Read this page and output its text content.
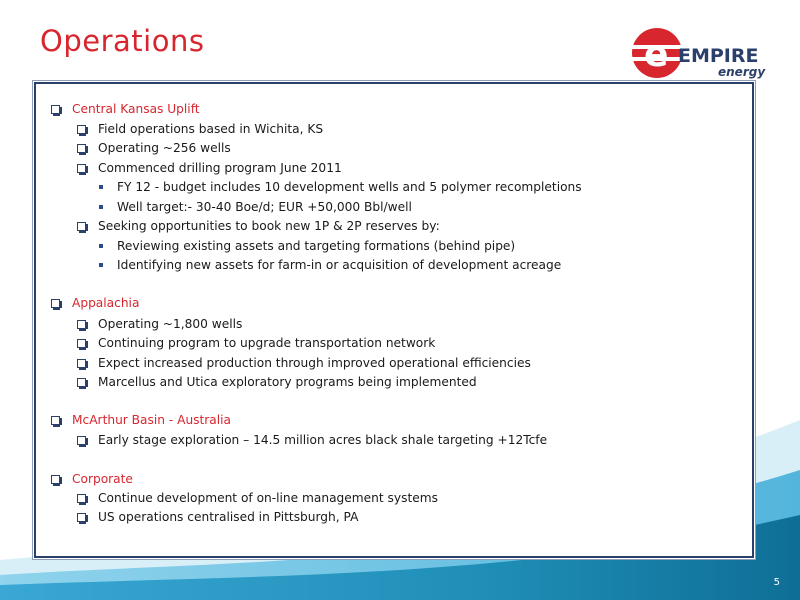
Operations	e EMPIRE
energy
Central Kansas Uplift
Field operations based in Wichita, KS
Operating ~256 wells
Commenced drilling program June 2011
FY 12 - budget includes 10 development wells and 5 polymer recompletions
Well target:- 30-40 Boe/d; EUR +50,000 Bbl/well
Seeking opportunities to book new 1P & 2P reserves by:
Reviewing existing assets and targeting formations (behind pipe)
Identifying new assets for farm-in or acquisition of development acreage
Appalachia
Operating ~1,800 wells
Continuing program to upgrade transportation network
Expect increased production through improved operational efficiencies
Marcellus and Utica exploratory programs being implemented
McArthur Basin - Australia
Early stage exploration – 14.5 million acres black shale targeting +12Tcfe
Corporate
Continue development of on-line management systems
US operations centralised in Pittsburgh, PA
5
